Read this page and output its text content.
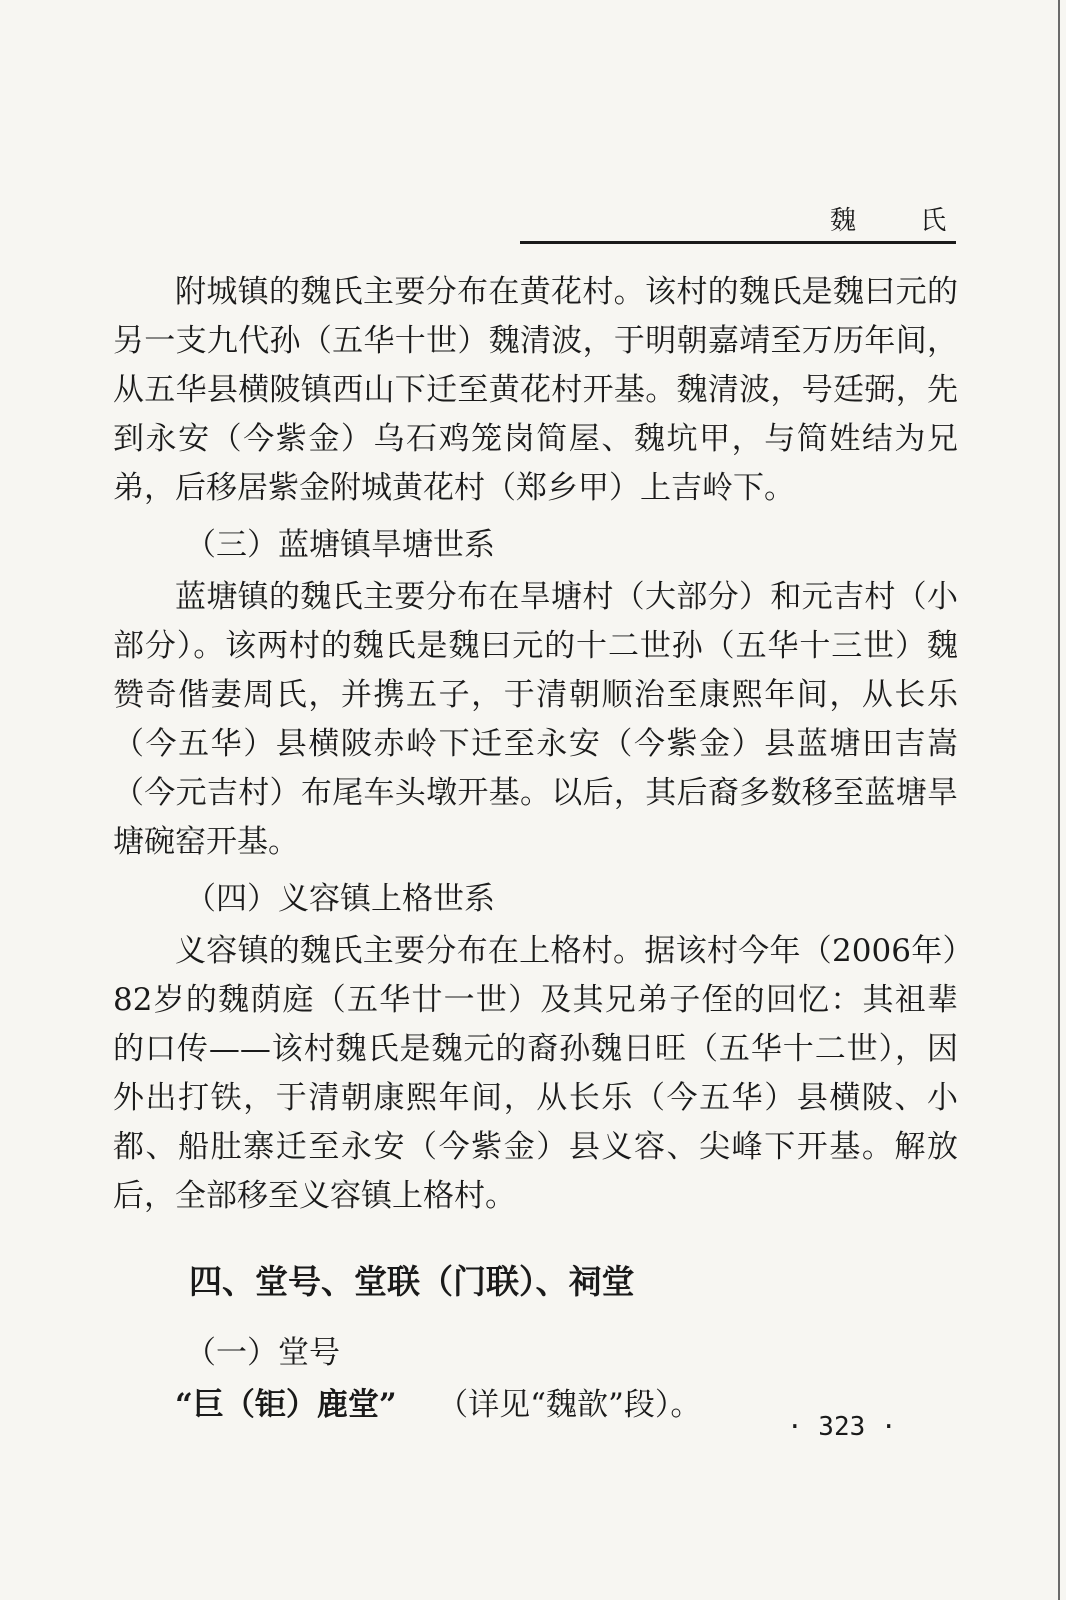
魏 氏

附城镇的魏氏主要分布在黄花村。该村的魏氏是魏曰元的另一支九代孙（五华十世）魏清波，于明朝嘉靖至万历年间，从五华县横陂镇西山下迁至黄花村开基。魏清波，号廷弼，先到永安（今紫金）乌石鸡笼岗简屋、魏坑甲，与简姓结为兄弟，后移居紫金附城黄花村（郑乡甲）上吉岭下。

（三）蓝塘镇旱塘世系

蓝塘镇的魏氏主要分布在旱塘村（大部分）和元吉村（小部分）。该两村的魏氏是魏曰元的十二世孙（五华十三世）魏赞奇偕妻周氏，并携五子，于清朝顺治至康熙年间，从长乐（今五华）县横陂赤岭下迁至永安（今紫金）县蓝塘田吉嵩（今元吉村）布尾车头墩开基。以后，其后裔多数移至蓝塘旱塘碗窑开基。

（四）义容镇上格世系

义容镇的魏氏主要分布在上格村。据该村今年（2006年）82岁的魏荫庭（五华廿一世）及其兄弟子侄的回忆：其祖辈的口传——该村魏氏是魏元的裔孙魏日旺（五华十二世），因外出打铁，于清朝康熙年间，从长乐（今五华）县横陂、小都、船肚寨迁至永安（今紫金）县义容、尖峰下开基。解放后，全部移至义容镇上格村。

四、堂号、堂联（门联）、祠堂
（一）堂号
“巨（钜）鹿堂” （详见“魏歆”段）。
· 323 ·
